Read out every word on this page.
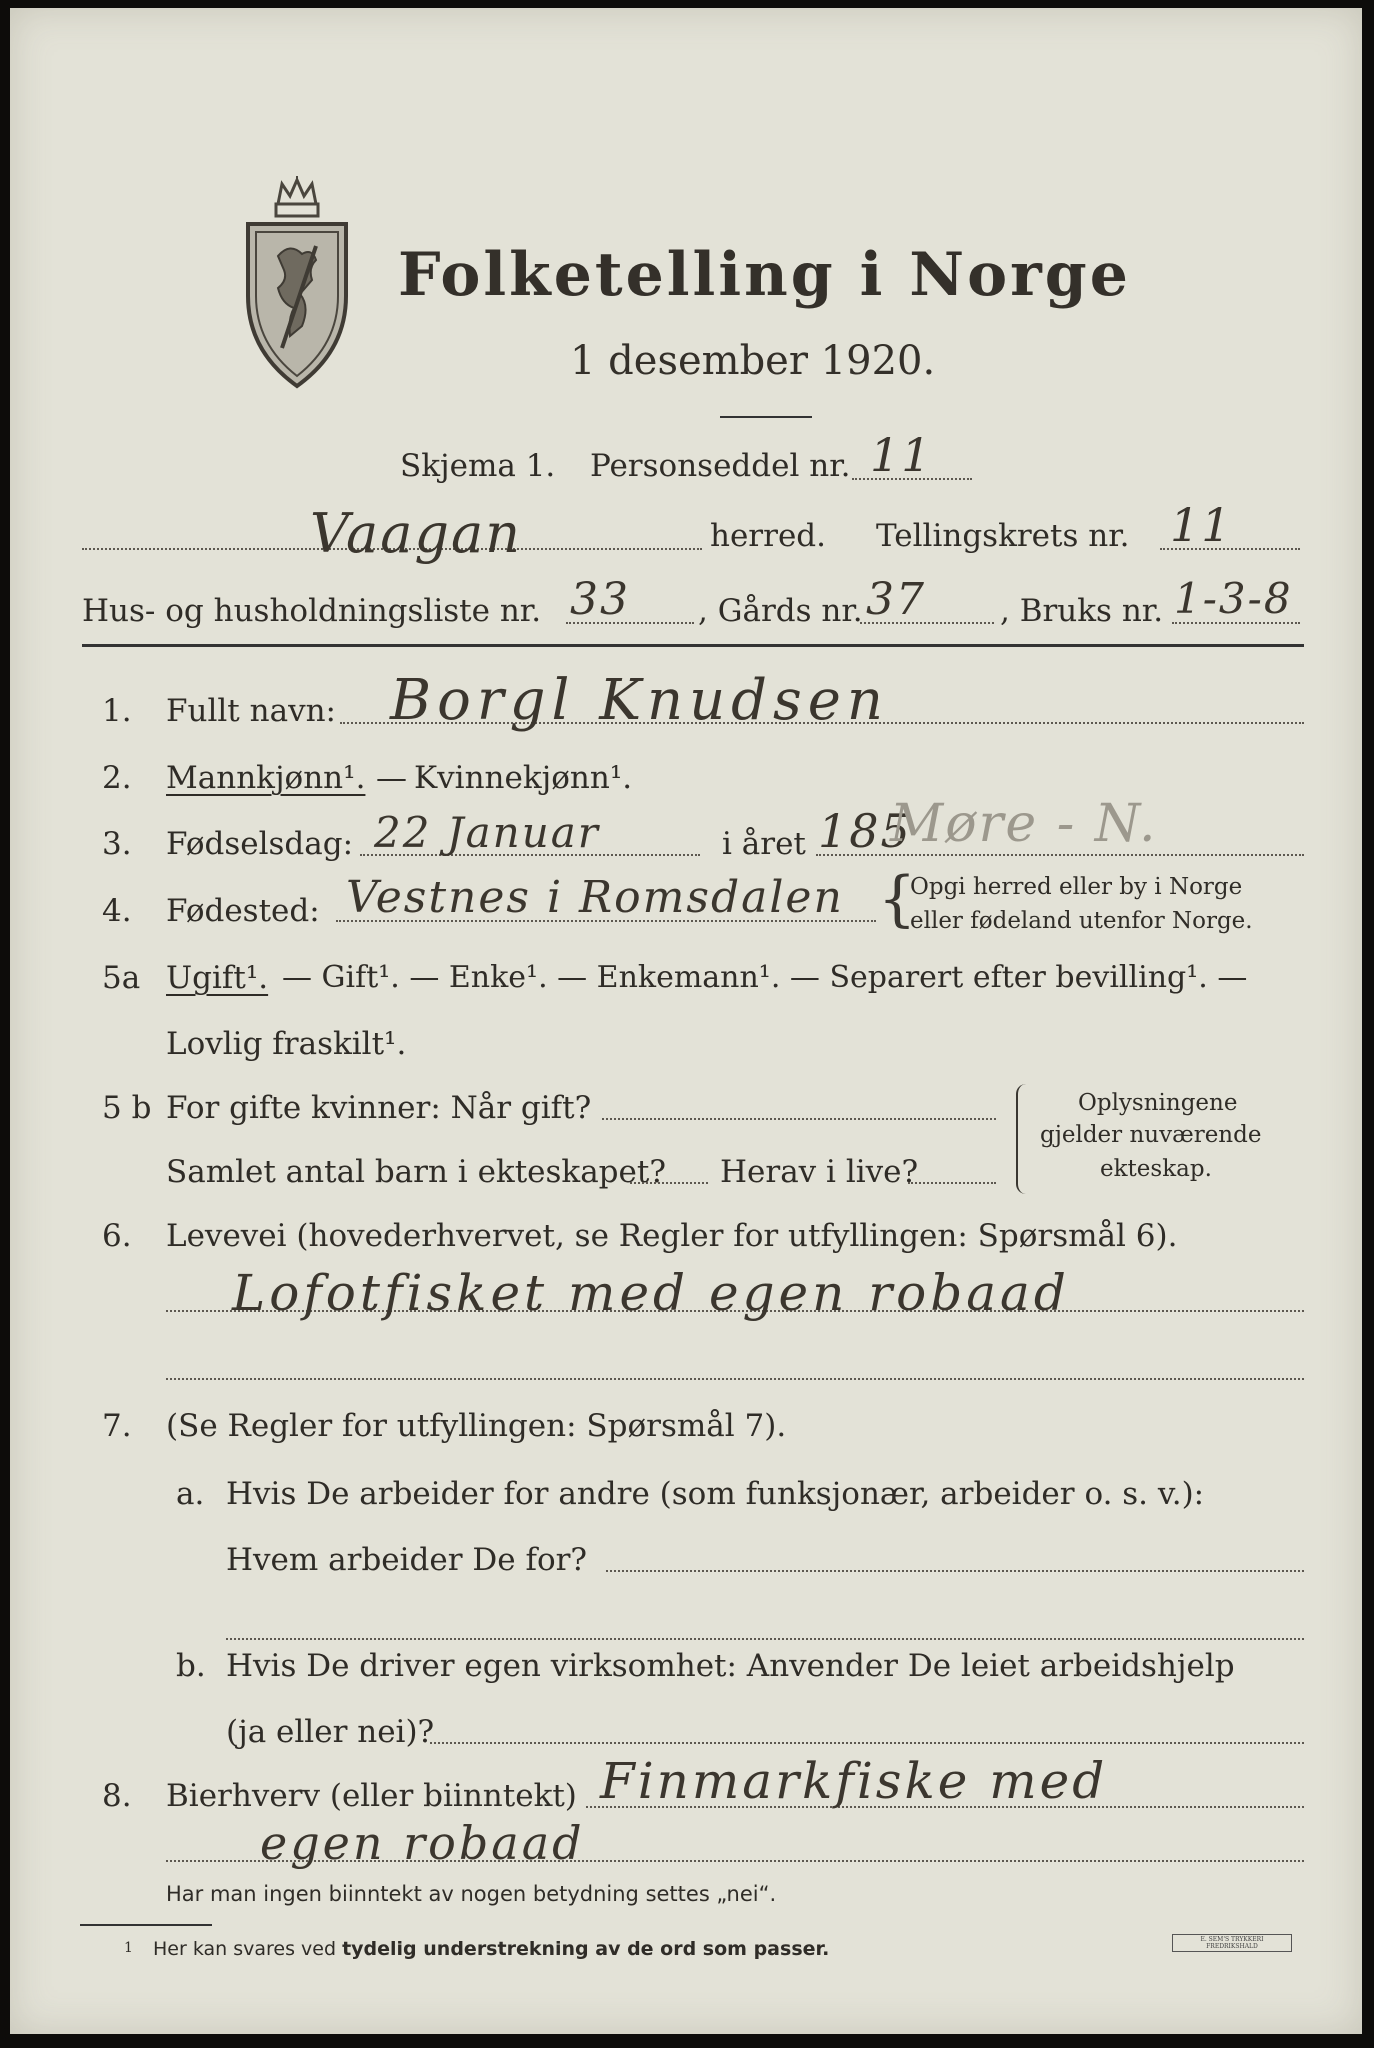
Folketelling i Norge
1 desember 1920.
Skjema 1. Personseddel nr. 11
Vaagan	herred. Tellingskrets nr. 11
Hus- og husholdningsliste nr. 33 , Gårds nr. 37 , Bruks nr. 1-3-8
1. Fullt navn: Borgl Knudsen
2. Mannkjønn¹. — Kvinnekjønn¹.
3. Fødselsdag: 22 Januar	i året 185
Møre - N.
4. Fødested: Vestnes i Romsdalen {
Opgi herred eller by i Norge
eller fødeland utenfor Norge.
5a Ugift¹. — Gift¹. — Enke¹. — Enkemann¹. — Separert efter bevilling¹. —
Lovlig fraskilt¹.
5 b For gifte kvinner: Når gift?
Samlet antal barn i ekteskapet? Herav i live?
Oplysningene
gjelder nuværende
ekteskap.
6. Levevei (hovederhvervet, se Regler for utfyllingen: Spørsmål 6).
Lofotfisket med egen robaad
7. (Se Regler for utfyllingen: Spørsmål 7).
a. Hvis De arbeider for andre (som funksjonær, arbeider o. s. v.):
Hvem arbeider De for?
b. Hvis De driver egen virksomhet: Anvender De leiet arbeidshjelp
(ja eller nei)?
8. Bierhverv (eller biinntekt) Finmarkfiske med
egen robaad
Har man ingen biinntekt av nogen betydning settes „nei“.
1 Her kan svares ved tydelig understrekning av de ord som passer.	E. SEM'S TRYKKERI
FREDRIKSHALD
